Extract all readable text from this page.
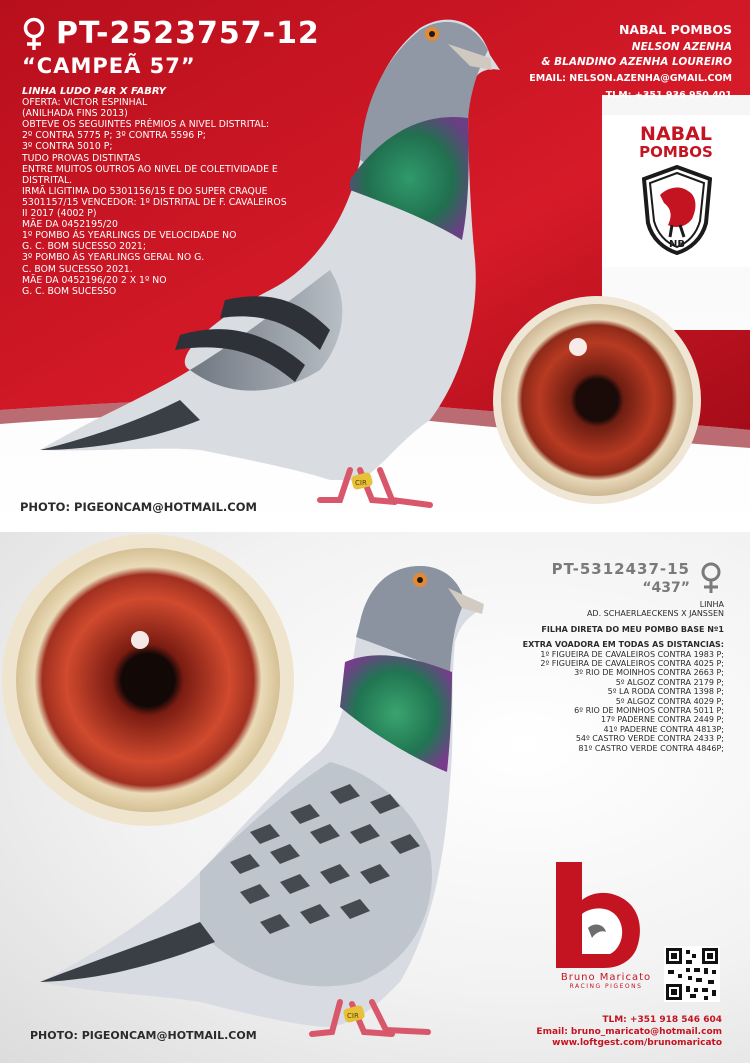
CIR
PT-2523757-12
“CAMPEÃ 57”
LINHA LUDO P4R X FABRY
OFERTA: VICTOR ESPINHAL
(ANILHADA FINS 2013)
OBTEVE OS SEGUINTES PRÉMIOS A NIVEL DISTRITAL:
2º CONTRA 5775 P; 3º CONTRA 5596 P;
3º CONTRA 5010 P;
TUDO PROVAS DISTINTAS
ENTRE MUITOS OUTROS AO NIVEL DE COLETIVIDADE E
DISTRITAL.
IRMÃ LIGITIMA DO 5301156/15 E DO SUPER CRAQUE
5301157/15 VENCEDOR: 1º DISTRITAL DE F. CAVALEIROS
II 2017 (4002 P)
MÃE DA 0452195/20
1º POMBO ÁS YEARLINGS DE VELOCIDADE NO
G. C. BOM SUCESSO 2021;
3º POMBO ÁS YEARLINGS GERAL NO G.
C. BOM SUCESSO 2021.
MÃE DA 0452196/20 2 X 1º NO
G. C. BOM SUCESSO
NABAL POMBOS
NELSON AZENHA
& BLANDINO AZENHA LOUREIRO
EMAIL: NELSON.AZENHA@GMAIL.COM
TLM: +351 936 950 401
NABAL
POMBOS
NB
PHOTO: PIGEONCAM@HOTMAIL.COM
CIR
PT-5312437-15
“437”
LINHA
AD. SCHAERLAECKENS X JANSSEN
FILHA DIRETA DO MEU POMBO BASE Nº1
EXTRA VOADORA EM TODAS AS DISTANCIAS:
1º FIGUEIRA DE CAVALEIROS CONTRA 1983 P;
2º FIGUEIRA DE CAVALEIROS CONTRA 4025 P;
3º RIO DE MOINHOS CONTRA 2663 P;
5º ALGOZ CONTRA 2179 P;
5º LA RODA CONTRA 1398 P;
5º ALGOZ CONTRA 4029 P;
6º RIO DE MOINHOS CONTRA 5011 P;
17º PADERNE CONTRA 2449 P;
41º PADERNE CONTRA 4813P;
54º CASTRO VERDE CONTRA 2433 P;
81º CASTRO VERDE CONTRA 4846P;
Bruno Maricato
RACING PIGEONS
PHOTO: PIGEONCAM@HOTMAIL.COM
TLM: +351 918 546 604
Email: bruno_maricato@hotmail.com
www.loftgest.com/brunomaricato
